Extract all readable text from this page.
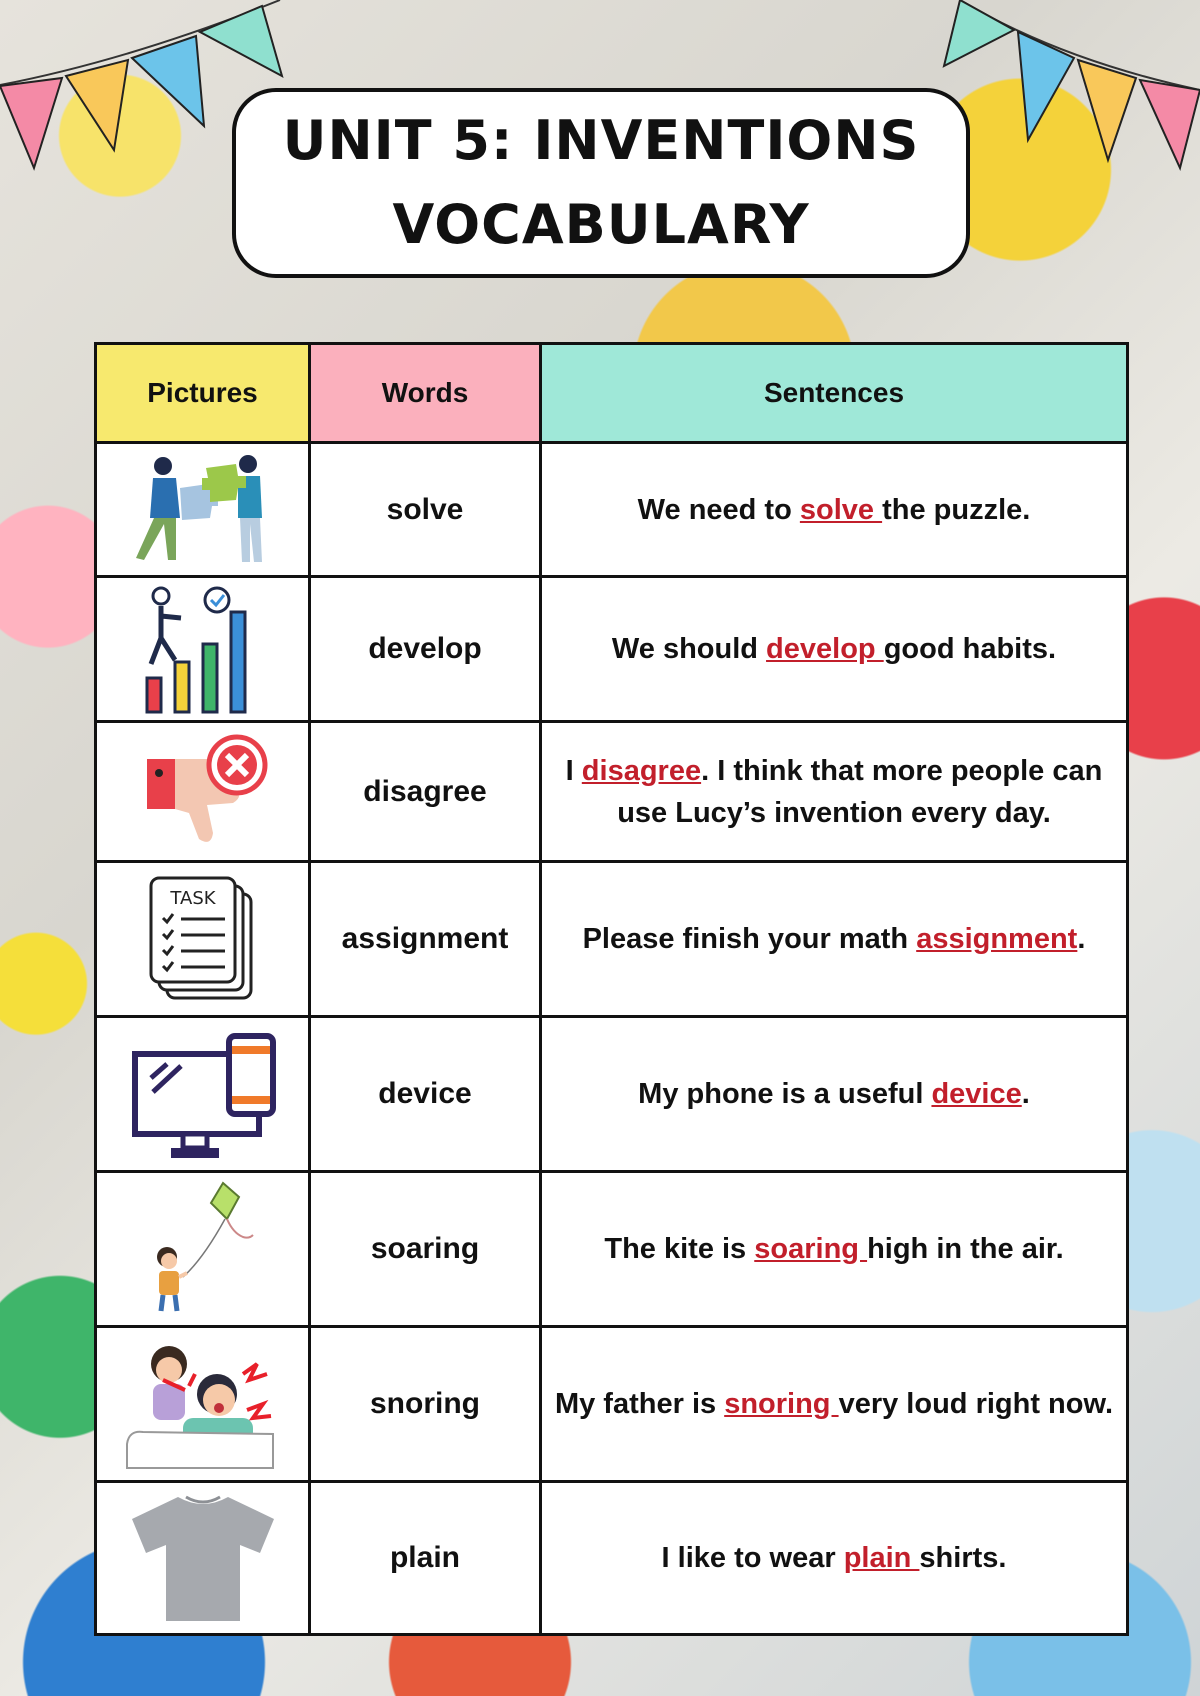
UNIT 5: INVENTIONS
VOCABULARY
Pictures	Words	Sentences

	solve	We need to solve the puzzle.

	develop	We should develop good habits.

	disagree	I disagree. I think that more people can use Lucy’s invention every day.

TASK	assignment	Please finish your math assignment.

	device	My phone is a useful device.

	soaring	The kite is soaring high in the air.

	snoring	My father is snoring very loud right now.

	plain	I like to wear plain shirts.
